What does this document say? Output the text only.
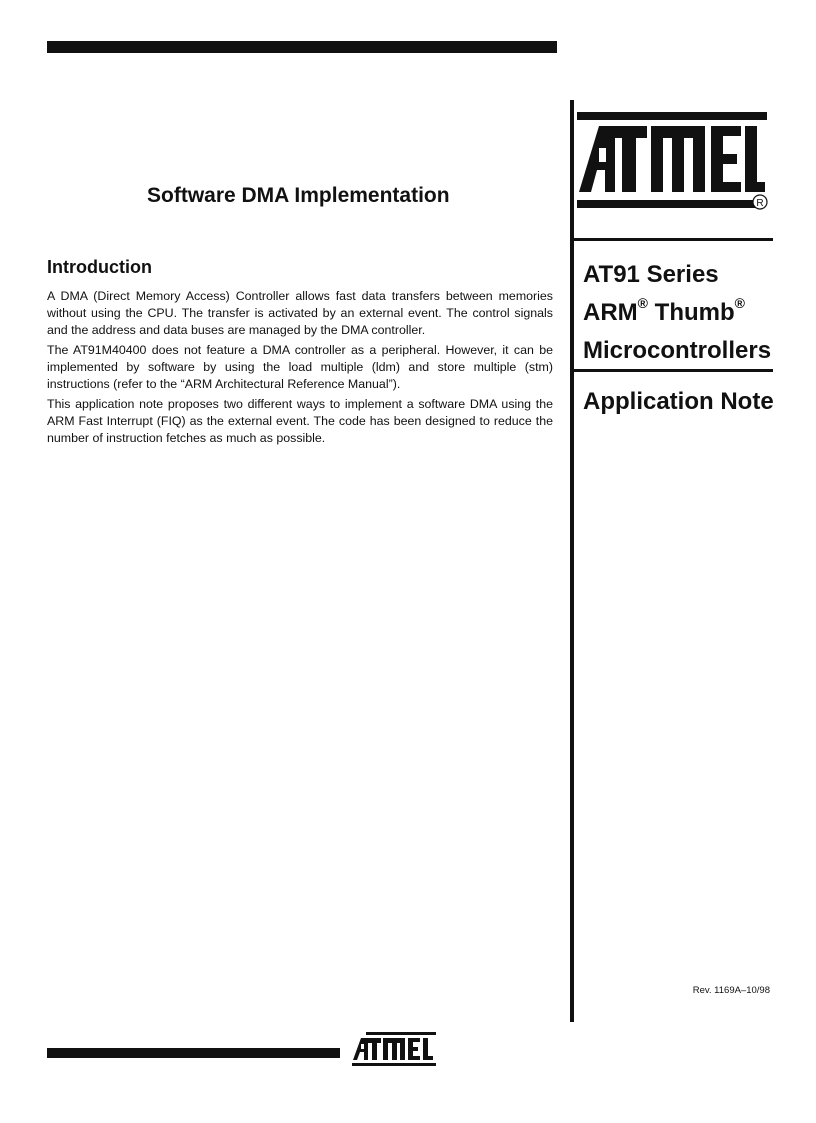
R
AT91 Series
ARM® Thumb®
Microcontrollers
Application Note
Software DMA Implementation
Introduction

A DMA (Direct Memory Access) Controller allows fast data transfers between memories without using the CPU. The transfer is activated by an external event. The control signals and the address and data buses are managed by the DMA controller.

The AT91M40400 does not feature a DMA controller as a peripheral. However, it can be implemented by software by using the load multiple (ldm) and store multiple (stm) instructions (refer to the “ARM Architectural Reference Manual”).

This application note proposes two different ways to implement a software DMA using the ARM Fast Interrupt (FIQ) as the external event. The code has been designed to reduce the number of instruction fetches as much as possible.

Rev. 1169A–10/98
